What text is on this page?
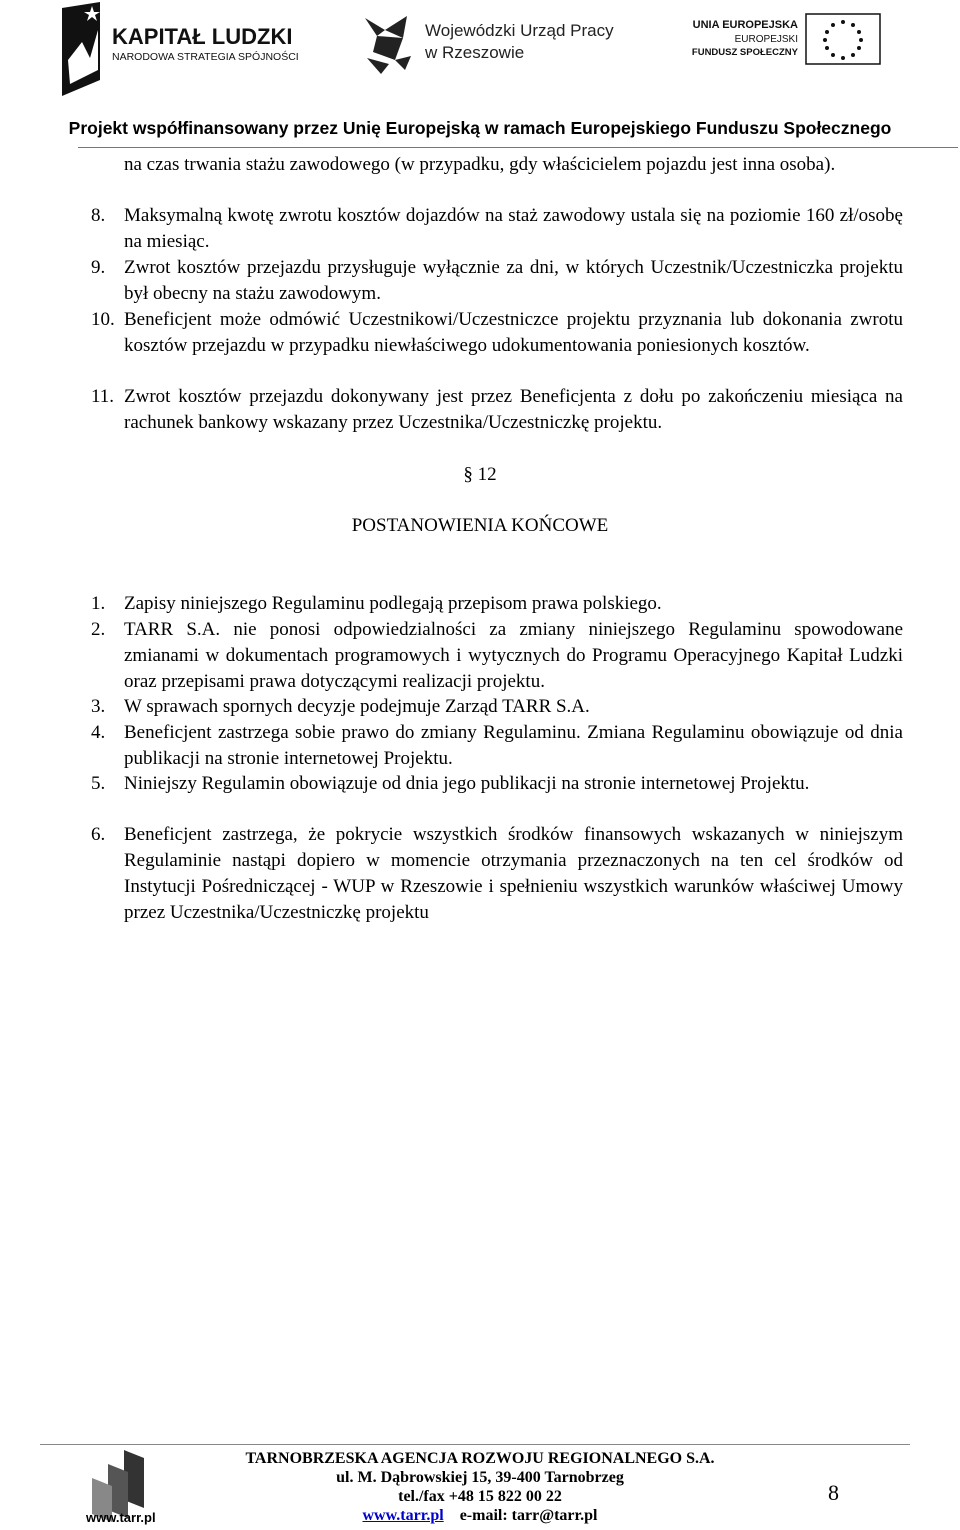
KAPITAŁ LUDZKI
NARODOWA STRATEGIA SPÓJNOŚCI
Wojewódzki Urząd Pracy
w Rzeszowie
UNIA EUROPEJSKA
EUROPEJSKI
FUNDUSZ SPOŁECZNY
Projekt współfinansowany przez Unię Europejską w ramach Europejskiego Funduszu Społecznego
na czas trwania stażu zawodowego (w przypadku, gdy właścicielem pojazdu jest inna osoba).
8. Maksymalną kwotę zwrotu kosztów dojazdów na staż zawodowy ustala się na poziomie 160 zł/osobę na miesiąc.
9. Zwrot kosztów przejazdu przysługuje wyłącznie za dni, w których Uczestnik/Uczestniczka projektu był obecny na stażu zawodowym.
10. Beneficjent może odmówić Uczestnikowi/Uczestniczce projektu przyznania lub dokonania zwrotu kosztów przejazdu w przypadku niewłaściwego udokumentowania poniesionych kosztów.
11. Zwrot kosztów przejazdu dokonywany jest przez Beneficjenta z dołu po zakończeniu miesiąca na rachunek bankowy wskazany przez Uczestnika/Uczestniczkę projektu.
§ 12
POSTANOWIENIA KOŃCOWE
1. Zapisy niniejszego Regulaminu podlegają przepisom prawa polskiego.
2. TARR S.A. nie ponosi odpowiedzialności za zmiany niniejszego Regulaminu spowodowane zmianami w dokumentach programowych i wytycznych do Programu Operacyjnego Kapitał Ludzki oraz przepisami prawa dotyczącymi realizacji projektu.
3. W sprawach spornych decyzje podejmuje Zarząd TARR S.A.
4. Beneficjent zastrzega sobie prawo do zmiany Regulaminu. Zmiana Regulaminu obowiązuje od dnia publikacji na stronie internetowej Projektu.
5. Niniejszy Regulamin obowiązuje od dnia jego publikacji na stronie internetowej Projektu.
6. Beneficjent zastrzega, że pokrycie wszystkich środków finansowych wskazanych w niniejszym Regulaminie nastąpi dopiero w momencie otrzymania przeznaczonych na ten cel środków od Instytucji Pośredniczącej - WUP w Rzeszowie i spełnieniu wszystkich warunków właściwej Umowy przez Uczestnika/Uczestniczkę projektu
www.tarr.pl
TARNOBRZESKA AGENCJA ROZWOJU REGIONALNEGO S.A.
ul. M. Dąbrowskiej 15, 39-400 Tarnobrzeg
tel./fax +48 15 822 00 22
www.tarr.pl e-mail: tarr@tarr.pl
8
